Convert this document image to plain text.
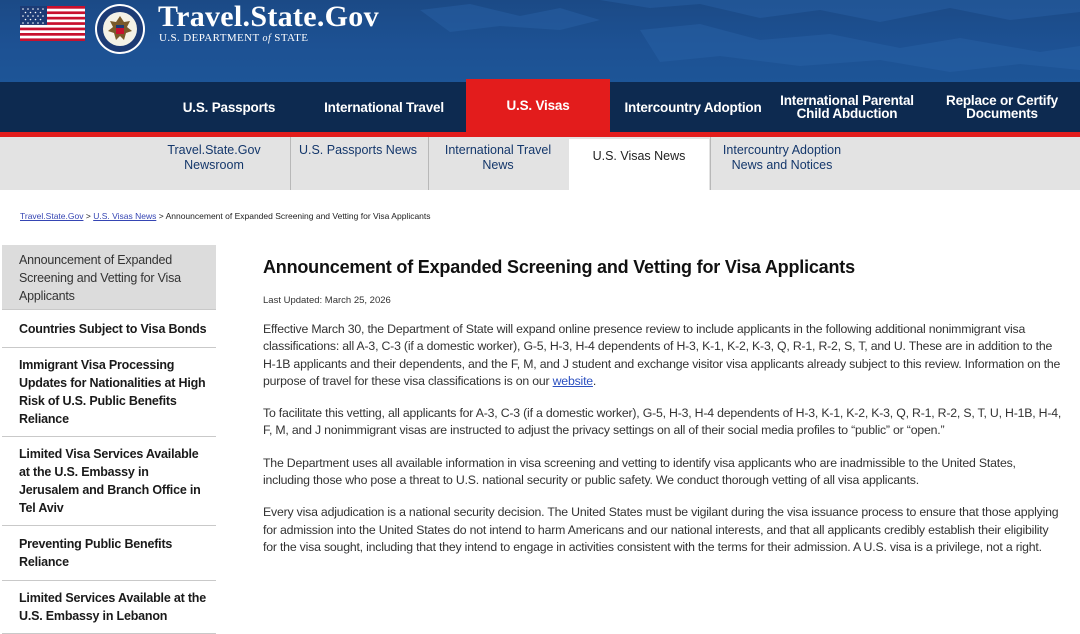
Travel.State.Gov
U.S. DEPARTMENT of STATE
U.S. Passports	International Travel	U.S. Visas	Intercountry Adoption	International Parental Child Abduction
Replace or Certify Documents
Travel.State.Gov Newsroom
U.S. Passports News	International Travel News
U.S. Visas News	Intercountry Adoption News and Notices
Travel.State.Gov > U.S. Visas News > Announcement of Expanded Screening and Vetting for Visa Applicants
Announcement of Expanded Screening and Vetting for Visa Applicants
Countries Subject to Visa Bonds
Immigrant Visa Processing Updates for Nationalities at High Risk of U.S. Public Benefits Reliance
Limited Visa Services Available at the U.S. Embassy in Jerusalem and Branch Office in Tel Aviv
Preventing Public Benefits Reliance
Limited Services Available at the U.S. Embassy in Lebanon
Announcement of Expanded Screening and Vetting for Visa Applicants
Last Updated: March 25, 2026
Effective March 30, the Department of State will expand online presence review to include applicants in the following additional nonimmigrant visa classifications: all A-3, C-3 (if a domestic worker), G-5, H-3, H-4 dependents of H-3, K-1, K-2, K-3, Q, R-1, R-2, S, T, and U. These are in addition to the H-1B applicants and their dependents, and the F, M, and J student and exchange visitor visa applicants already subject to this review. Information on the purpose of travel for these visa classifications is on our website.
To facilitate this vetting, all applicants for A-3, C-3 (if a domestic worker), G-5, H-3, H-4 dependents of H-3, K-1, K-2, K-3, Q, R-1, R-2, S, T, U, H-1B, H-4, F, M, and J nonimmigrant visas are instructed to adjust the privacy settings on all of their social media profiles to “public” or “open.”
The Department uses all available information in visa screening and vetting to identify visa applicants who are inadmissible to the United States, including those who pose a threat to U.S. national security or public safety. We conduct thorough vetting of all visa applicants.
Every visa adjudication is a national security decision. The United States must be vigilant during the visa issuance process to ensure that those applying for admission into the United States do not intend to harm Americans and our national interests, and that all applicants credibly establish their eligibility for the visa sought, including that they intend to engage in activities consistent with the terms for their admission. A U.S. visa is a privilege, not a right.
